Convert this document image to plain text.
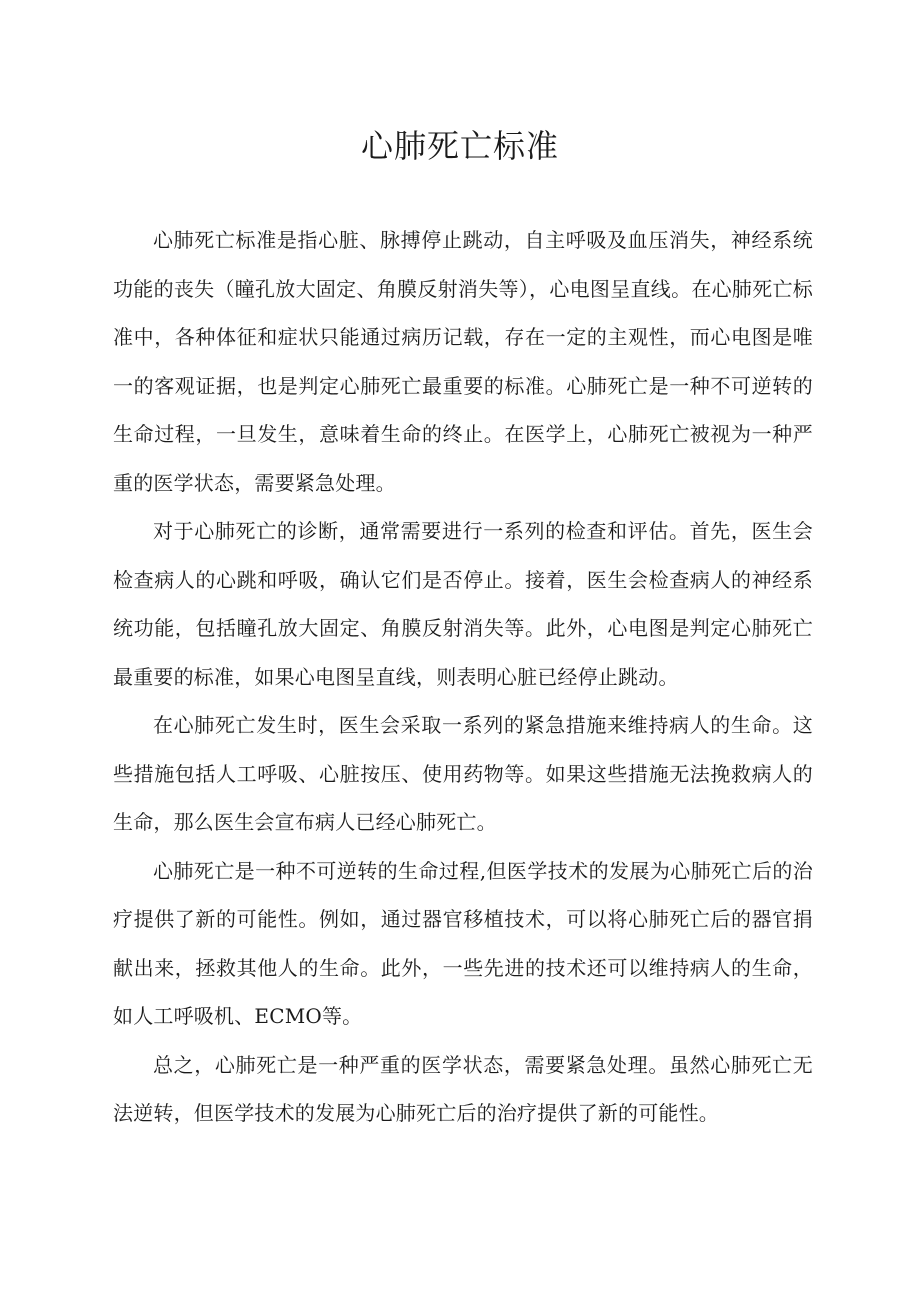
心肺死亡标准

心肺死亡标准是指心脏、脉搏停止跳动，自主呼吸及血压消失，神经系统功能的丧失（瞳孔放大固定、角膜反射消失等），心电图呈直线。在心肺死亡标准中，各种体征和症状只能通过病历记载，存在一定的主观性，而心电图是唯一的客观证据，也是判定心肺死亡最重要的标准。心肺死亡是一种不可逆转的生命过程，一旦发生，意味着生命的终止。在医学上，心肺死亡被视为一种严重的医学状态，需要紧急处理。

对于心肺死亡的诊断，通常需要进行一系列的检查和评估。首先，医生会检查病人的心跳和呼吸，确认它们是否停止。接着，医生会检查病人的神经系统功能，包括瞳孔放大固定、角膜反射消失等。此外，心电图是判定心肺死亡最重要的标准，如果心电图呈直线，则表明心脏已经停止跳动。

在心肺死亡发生时，医生会采取一系列的紧急措施来维持病人的生命。这些措施包括人工呼吸、心脏按压、使用药物等。如果这些措施无法挽救病人的生命，那么医生会宣布病人已经心肺死亡。

心肺死亡是一种不可逆转的生命过程,但医学技术的发展为心肺死亡后的治疗提供了新的可能性。例如，通过器官移植技术，可以将心肺死亡后的器官捐献出来，拯救其他人的生命。此外，一些先进的技术还可以维持病人的生命，如人工呼吸机、ECMO等。

总之，心肺死亡是一种严重的医学状态，需要紧急处理。虽然心肺死亡无法逆转，但医学技术的发展为心肺死亡后的治疗提供了新的可能性。
